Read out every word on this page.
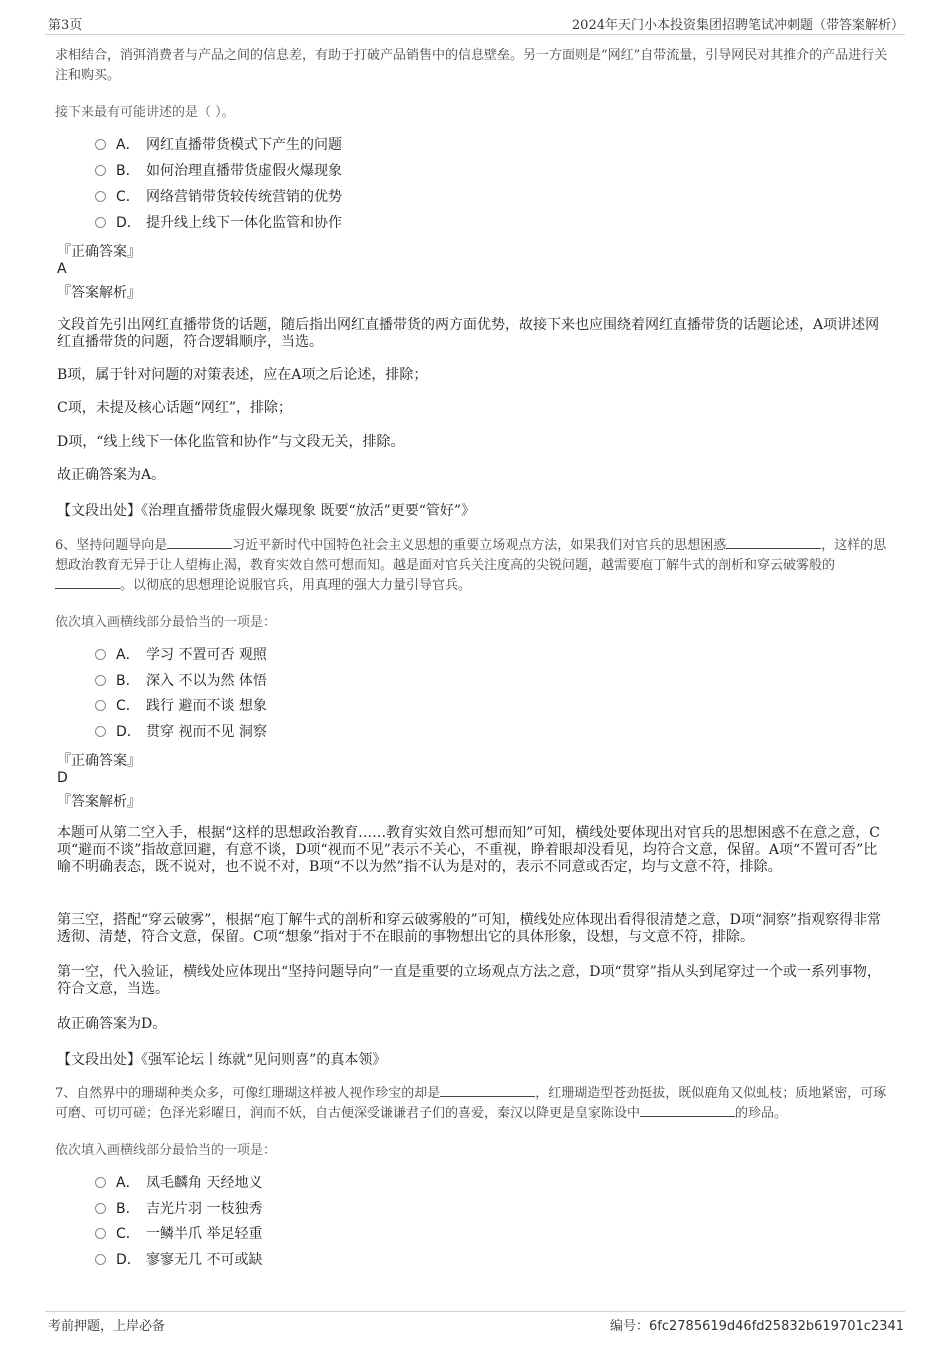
第3页	2024年天门小本投资集团招聘笔试冲刺题（带答案解析）
求相结合，消弭消费者与产品之间的信息差，有助于打破产品销售中的信息壁垒。另一方面则是“网红”自带流量，引导网民对其推介的产品进行关注和购买。
接下来最有可能讲述的是（ ）。
A． 网红直播带货模式下产生的问题
B． 如何治理直播带货虚假火爆现象
C． 网络营销带货较传统营销的优势
D． 提升线上线下一体化监管和协作
『正确答案』
A
『答案解析』
文段首先引出网红直播带货的话题，随后指出网红直播带货的两方面优势，故接下来也应围绕着网红直播带货的话题论述，A项讲述网红直播带货的问题，符合逻辑顺序，当选。
B项，属于针对问题的对策表述，应在A项之后论述，排除；
C项，未提及核心话题“网红”，排除；
D项，“线上线下一体化监管和协作”与文段无关，排除。
故正确答案为A。
【文段出处】《治理直播带货虚假火爆现象 既要“放活”更要“管好”》
6、坚持问题导向是	习近平新时代中国特色社会主义思想的重要立场观点方法，如果我们对官兵的思想困惑	，这样的思想政治教育无异于让人望梅止渴，教育实效自然可想而知。越是面对官兵关注度高的尖锐问题，越需要庖丁解牛式的剖析和穿云破雾般的。以彻底的思想理论说服官兵，用真理的强大力量引导官兵。
依次填入画横线部分最恰当的一项是：
A． 学习 不置可否 观照
B． 深入 不以为然 体悟
C． 践行 避而不谈 想象
D． 贯穿 视而不见 洞察
『正确答案』
D
『答案解析』
本题可从第二空入手，根据“这样的思想政治教育……教育实效自然可想而知”可知，横线处要体现出对官兵的思想困惑不在意之意，C项“避而不谈”指故意回避，有意不谈，D项“视而不见”表示不关心，不重视，睁着眼却没看见，均符合文意，保留。A项“不置可否”比喻不明确表态，既不说对，也不说不对，B项“不以为然”指不认为是对的，表示不同意或否定，均与文意不符，排除。
第三空，搭配“穿云破雾”，根据“庖丁解牛式的剖析和穿云破雾般的”可知，横线处应体现出看得很清楚之意，D项“洞察”指观察得非常透彻、清楚，符合文意，保留。C项“想象”指对于不在眼前的事物想出它的具体形象，设想，与文意不符，排除。
第一空，代入验证，横线处应体现出“坚持问题导向”一直是重要的立场观点方法之意，D项“贯穿”指从头到尾穿过一个或一系列事物，符合文意，当选。
故正确答案为D。
【文段出处】《强军论坛丨练就“见问则喜”的真本领》
7、自然界中的珊瑚种类众多，可像红珊瑚这样被人视作珍宝的却是	，红珊瑚造型苍劲挺拔，既似鹿角又似虬枝；质地紧密，可琢可磨、可切可磋；色泽光彩曜日，润而不妖，自古便深受谦谦君子们的喜爱，秦汉以降更是皇家陈设中	的珍品。
依次填入画横线部分最恰当的一项是：
A． 凤毛麟角 天经地义
B． 吉光片羽 一枝独秀
C． 一鳞半爪 举足轻重
D． 寥寥无几 不可或缺
考前押题，上岸必备	编号：6fc2785619d46fd25832b619701c2341
